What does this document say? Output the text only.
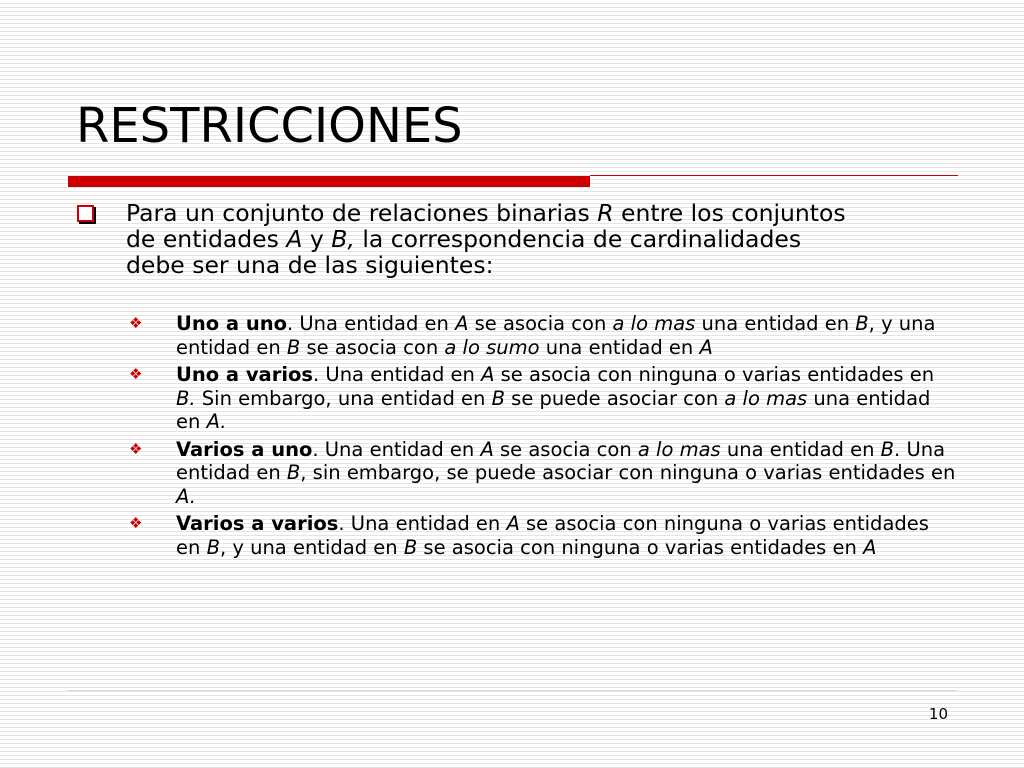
RESTRICCIONES
Para un conjunto de relaciones binarias R entre los conjuntos de entidades A y B, la correspondencia de cardinalidades debe ser una de las siguientes:
❖ Uno a uno. Una entidad en A se asocia con a lo mas una entidad en B, y una entidad en B se asocia con a lo sumo una entidad en A
❖ Uno a varios. Una entidad en A se asocia con ninguna o varias entidades en B. Sin embargo, una entidad en B se puede asociar con a lo mas una entidad en A.
❖ Varios a uno. Una entidad en A se asocia con a lo mas una entidad en B. Una entidad en B, sin embargo, se puede asociar con ninguna o varias entidades en A.
❖ Varios a varios. Una entidad en A se asocia con ninguna o varias entidades en B, y una entidad en B se asocia con ninguna o varias entidades en A
10
